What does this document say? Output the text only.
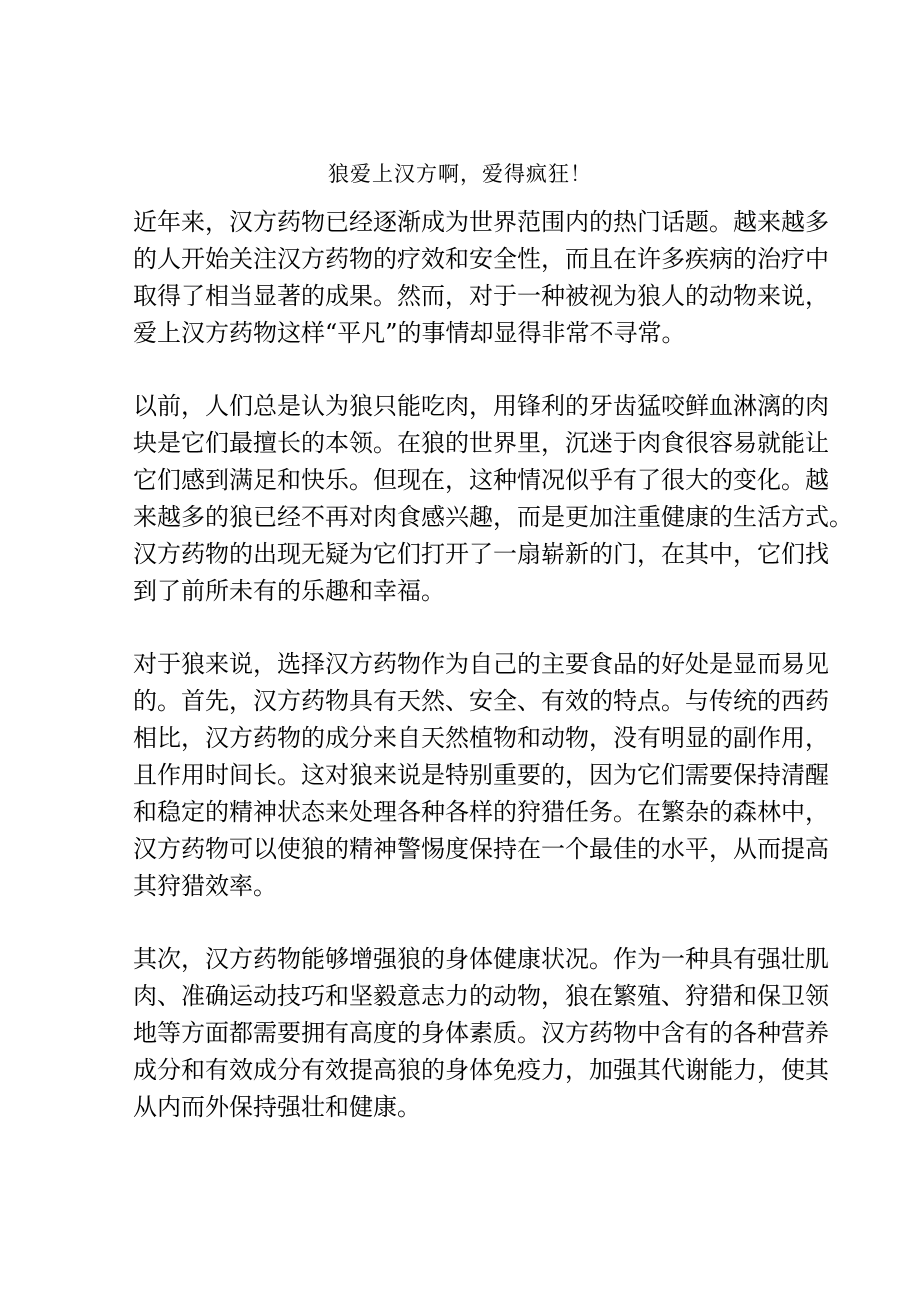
狼爱上汉方啊，爱得疯狂！

近年来，汉方药物已经逐渐成为世界范围内的热门话题。越来越多
的人开始关注汉方药物的疗效和安全性，而且在许多疾病的治疗中
取得了相当显著的成果。然而，对于一种被视为狼人的动物来说，
爱上汉方药物这样“平凡”的事情却显得非常不寻常。

以前，人们总是认为狼只能吃肉，用锋利的牙齿猛咬鲜血淋漓的肉
块是它们最擅长的本领。在狼的世界里，沉迷于肉食很容易就能让
它们感到满足和快乐。但现在，这种情况似乎有了很大的变化。越
来越多的狼已经不再对肉食感兴趣，而是更加注重健康的生活方式。
汉方药物的出现无疑为它们打开了一扇崭新的门，在其中，它们找
到了前所未有的乐趣和幸福。

对于狼来说，选择汉方药物作为自己的主要食品的好处是显而易见
的。首先，汉方药物具有天然、安全、有效的特点。与传统的西药
相比，汉方药物的成分来自天然植物和动物，没有明显的副作用，
且作用时间长。这对狼来说是特别重要的，因为它们需要保持清醒
和稳定的精神状态来处理各种各样的狩猎任务。在繁杂的森林中，
汉方药物可以使狼的精神警惕度保持在一个最佳的水平，从而提高
其狩猎效率。

其次，汉方药物能够增强狼的身体健康状况。作为一种具有强壮肌
肉、准确运动技巧和坚毅意志力的动物，狼在繁殖、狩猎和保卫领
地等方面都需要拥有高度的身体素质。汉方药物中含有的各种营养
成分和有效成分有效提高狼的身体免疫力，加强其代谢能力，使其
从内而外保持强壮和健康。
